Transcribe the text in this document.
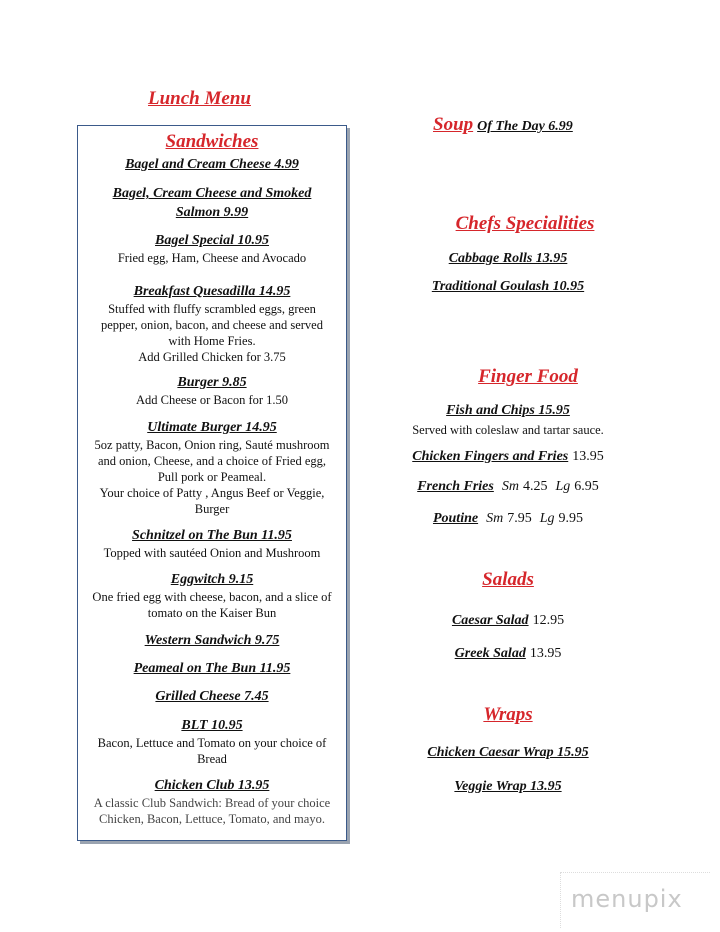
Lunch Menu
Sandwiches
Bagel and Cream Cheese 4.99
Bagel, Cream Cheese and Smoked
Salmon 9.99
Bagel Special 10.95
Fried egg, Ham, Cheese and Avocado
Breakfast Quesadilla 14.95
Stuffed with fluffy scrambled eggs, green
pepper, onion, bacon, and cheese and served
with Home Fries.
Add Grilled Chicken for 3.75
Burger 9.85
Add Cheese or Bacon for 1.50
Ultimate Burger 14.95
5oz patty, Bacon, Onion ring, Sauté mushroom
and onion, Cheese, and a choice of Fried egg,
Pull pork or Peameal.
Your choice of Patty , Angus Beef or Veggie,
Burger
Schnitzel on The Bun 11.95
Topped with sautéed Onion and Mushroom
Eggwitch 9.15
One fried egg with cheese, bacon, and a slice of
tomato on the Kaiser Bun
Western Sandwich 9.75
Peameal on The Bun 11.95
Grilled Cheese 7.45
BLT 10.95
Bacon, Lettuce and Tomato on your choice of
Bread
Chicken Club 13.95
A classic Club Sandwich: Bread of your choice
Chicken, Bacon, Lettuce, Tomato, and mayo.
Soup Of The Day 6.99
Chefs Specialities
Cabbage Rolls 13.95
Traditional Goulash 10.95
Finger Food
Fish and Chips 15.95
Served with coleslaw and tartar sauce.
Chicken Fingers and Fries 13.95
French Fries Sm 4.25 Lg 6.95
Poutine Sm 7.95 Lg 9.95
Salads
Caesar Salad 12.95
Greek Salad 13.95
Wraps
Chicken Caesar Wrap 15.95
Veggie Wrap 13.95
menupix
